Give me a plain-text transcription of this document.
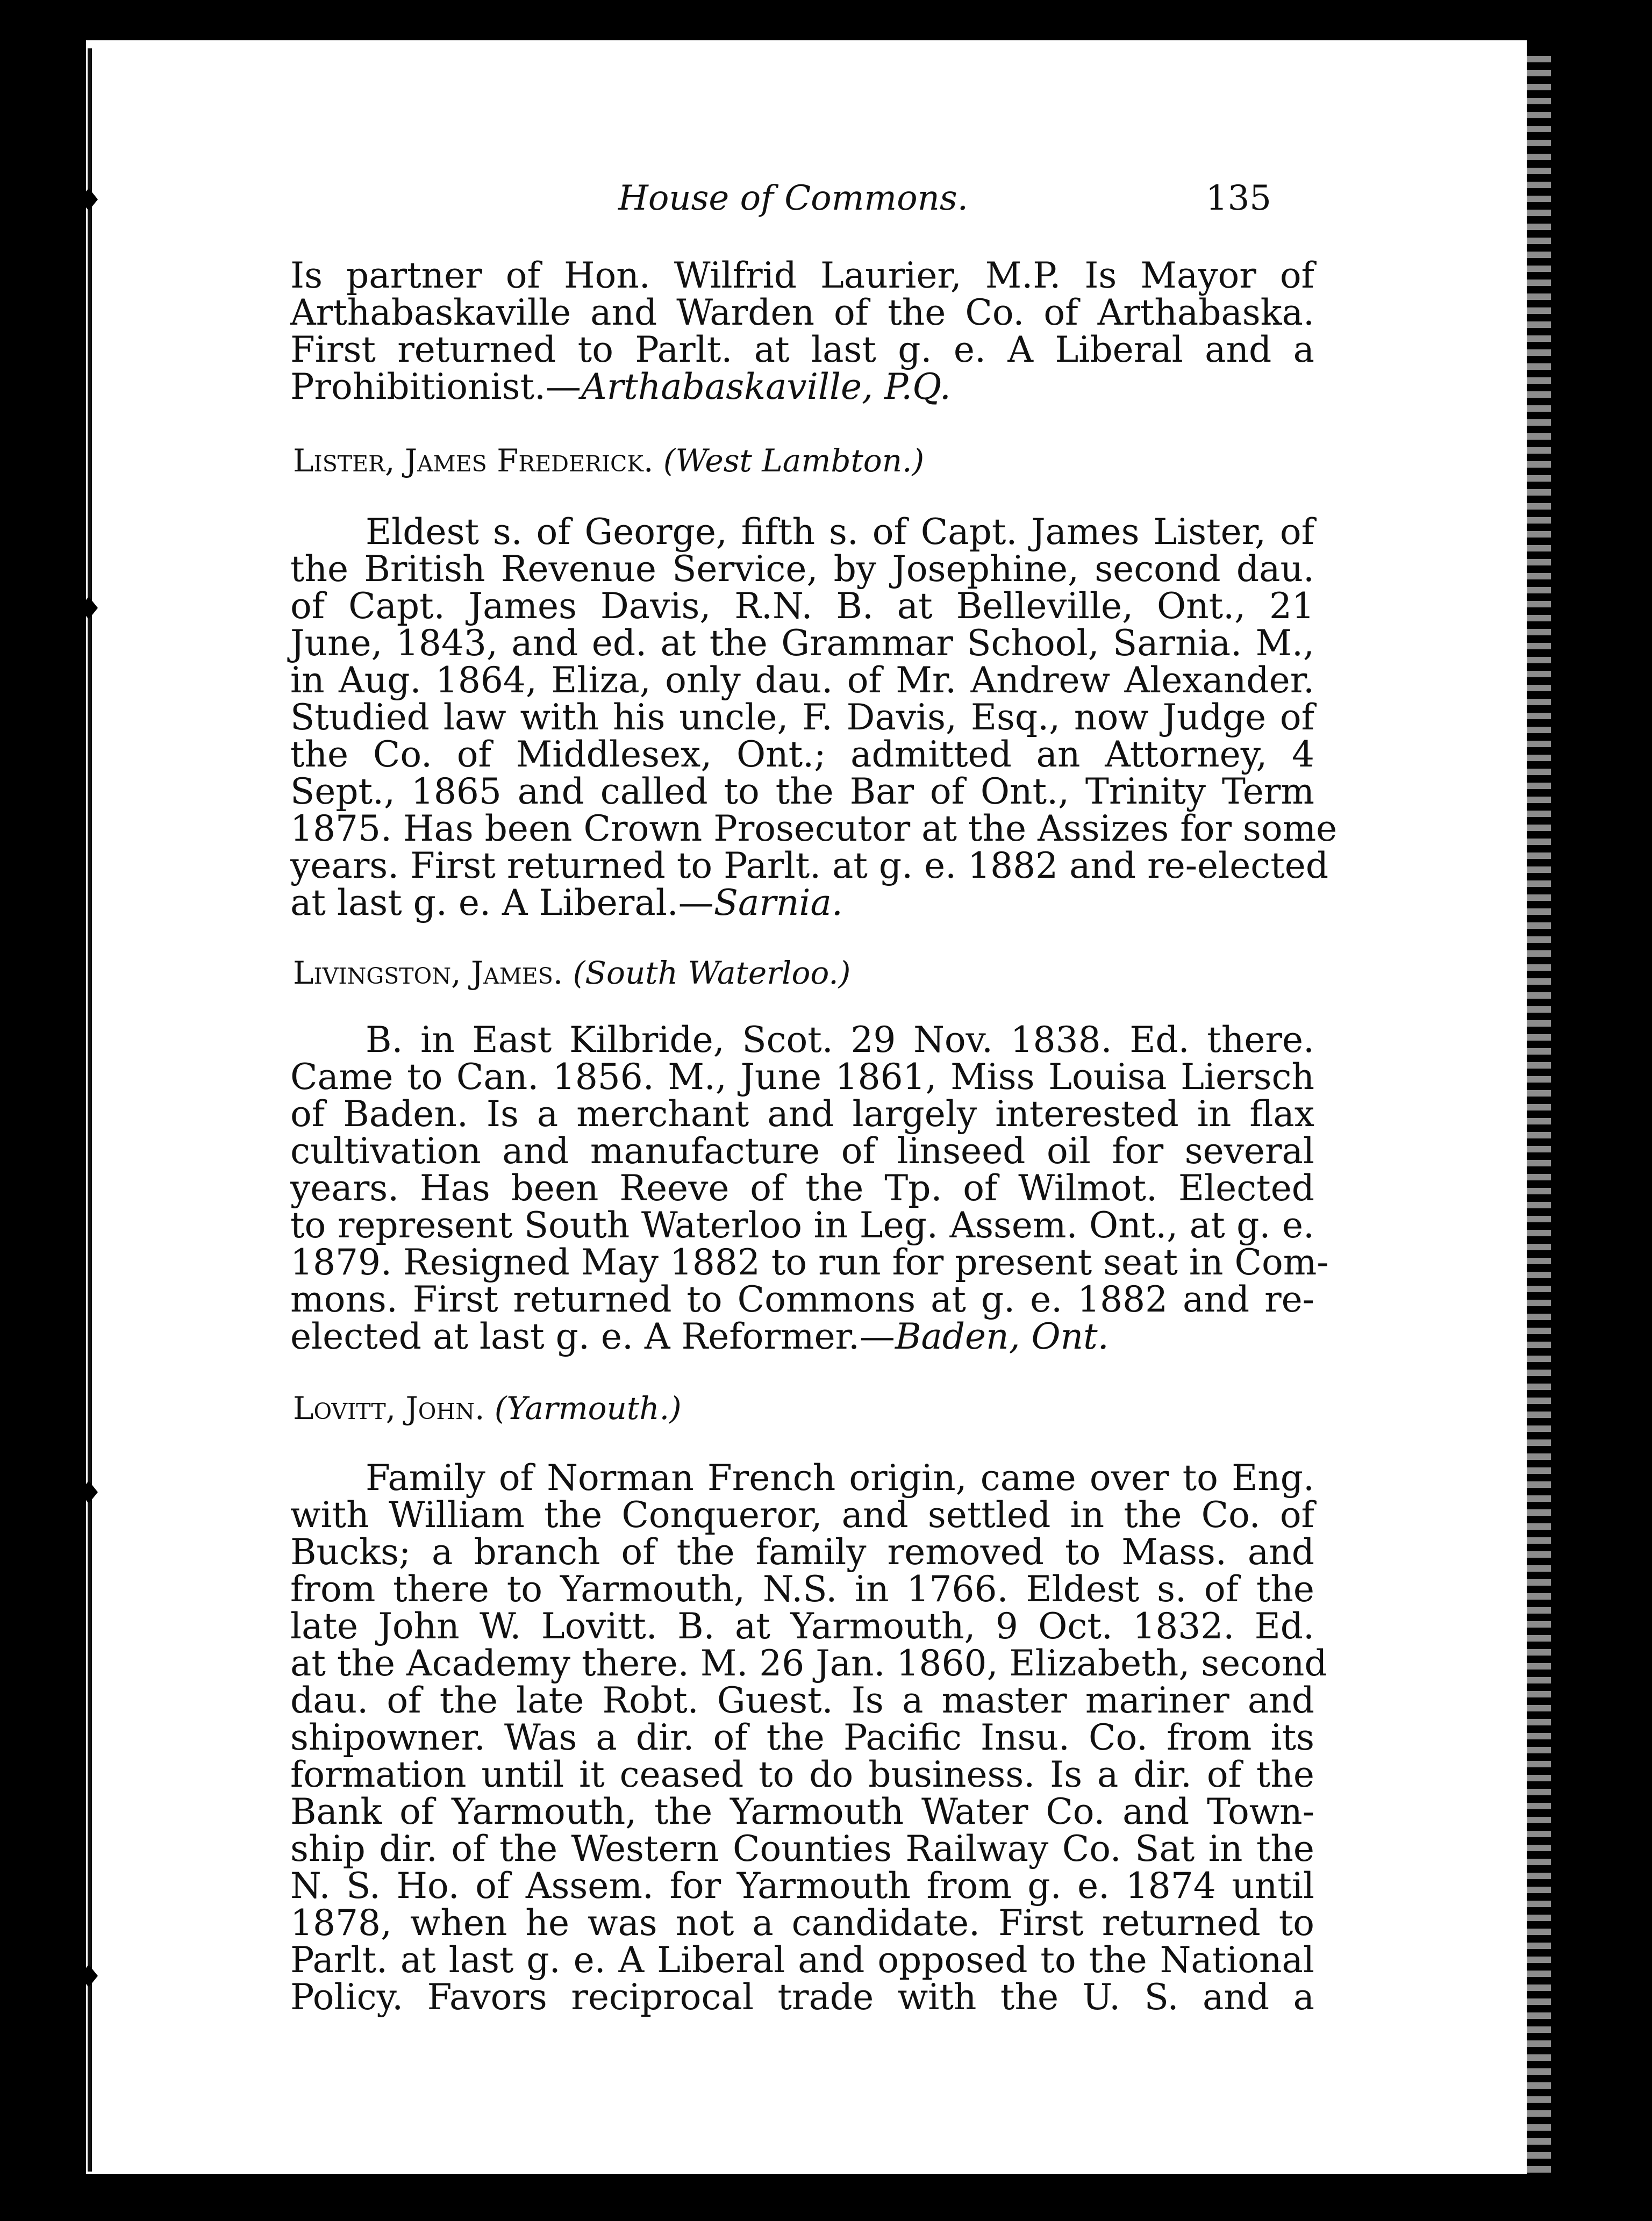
House of Commons.	135
Is partner of Hon. Wilfrid Laurier, M.P. Is Mayor of
Arthabaskaville and Warden of the Co. of Arthabaska.
First returned to Parlt. at last g. e. A Liberal and a
Prohibitionist.—Arthabaskaville, P.Q.
Lister, James Frederick. (West Lambton.)
Eldest s. of George, fifth s. of Capt. James Lister, of
the British Revenue Service, by Josephine, second dau.
of Capt. James Davis, R.N. B. at Belleville, Ont., 21
June, 1843, and ed. at the Grammar School, Sarnia. M.,
in Aug. 1864, Eliza, only dau. of Mr. Andrew Alexander.
Studied law with his uncle, F. Davis, Esq., now Judge of
the Co. of Middlesex, Ont.; admitted an Attorney, 4
Sept., 1865 and called to the Bar of Ont., Trinity Term
1875. Has been Crown Prosecutor at the Assizes for some
years. First returned to Parlt. at g. e. 1882 and re-elected
at last g. e. A Liberal.—Sarnia.
Livingston, James. (South Waterloo.)
B. in East Kilbride, Scot. 29 Nov. 1838. Ed. there.
Came to Can. 1856. M., June 1861, Miss Louisa Liersch
of Baden. Is a merchant and largely interested in flax
cultivation and manufacture of linseed oil for several
years. Has been Reeve of the Tp. of Wilmot. Elected
to represent South Waterloo in Leg. Assem. Ont., at g. e.
1879. Resigned May 1882 to run for present seat in Com-
mons. First returned to Commons at g. e. 1882 and re-
elected at last g. e. A Reformer.—Baden, Ont.
Lovitt, John. (Yarmouth.)
Family of Norman French origin, came over to Eng.
with William the Conqueror, and settled in the Co. of
Bucks; a branch of the family removed to Mass. and
from there to Yarmouth, N.S. in 1766. Eldest s. of the
late John W. Lovitt. B. at Yarmouth, 9 Oct. 1832. Ed.
at the Academy there. M. 26 Jan. 1860, Elizabeth, second
dau. of the late Robt. Guest. Is a master mariner and
shipowner. Was a dir. of the Pacific Insu. Co. from its
formation until it ceased to do business. Is a dir. of the
Bank of Yarmouth, the Yarmouth Water Co. and Town-
ship dir. of the Western Counties Railway Co. Sat in the
N. S. Ho. of Assem. for Yarmouth from g. e. 1874 until
1878, when he was not a candidate. First returned to
Parlt. at last g. e. A Liberal and opposed to the National
Policy. Favors reciprocal trade with the U. S. and a
